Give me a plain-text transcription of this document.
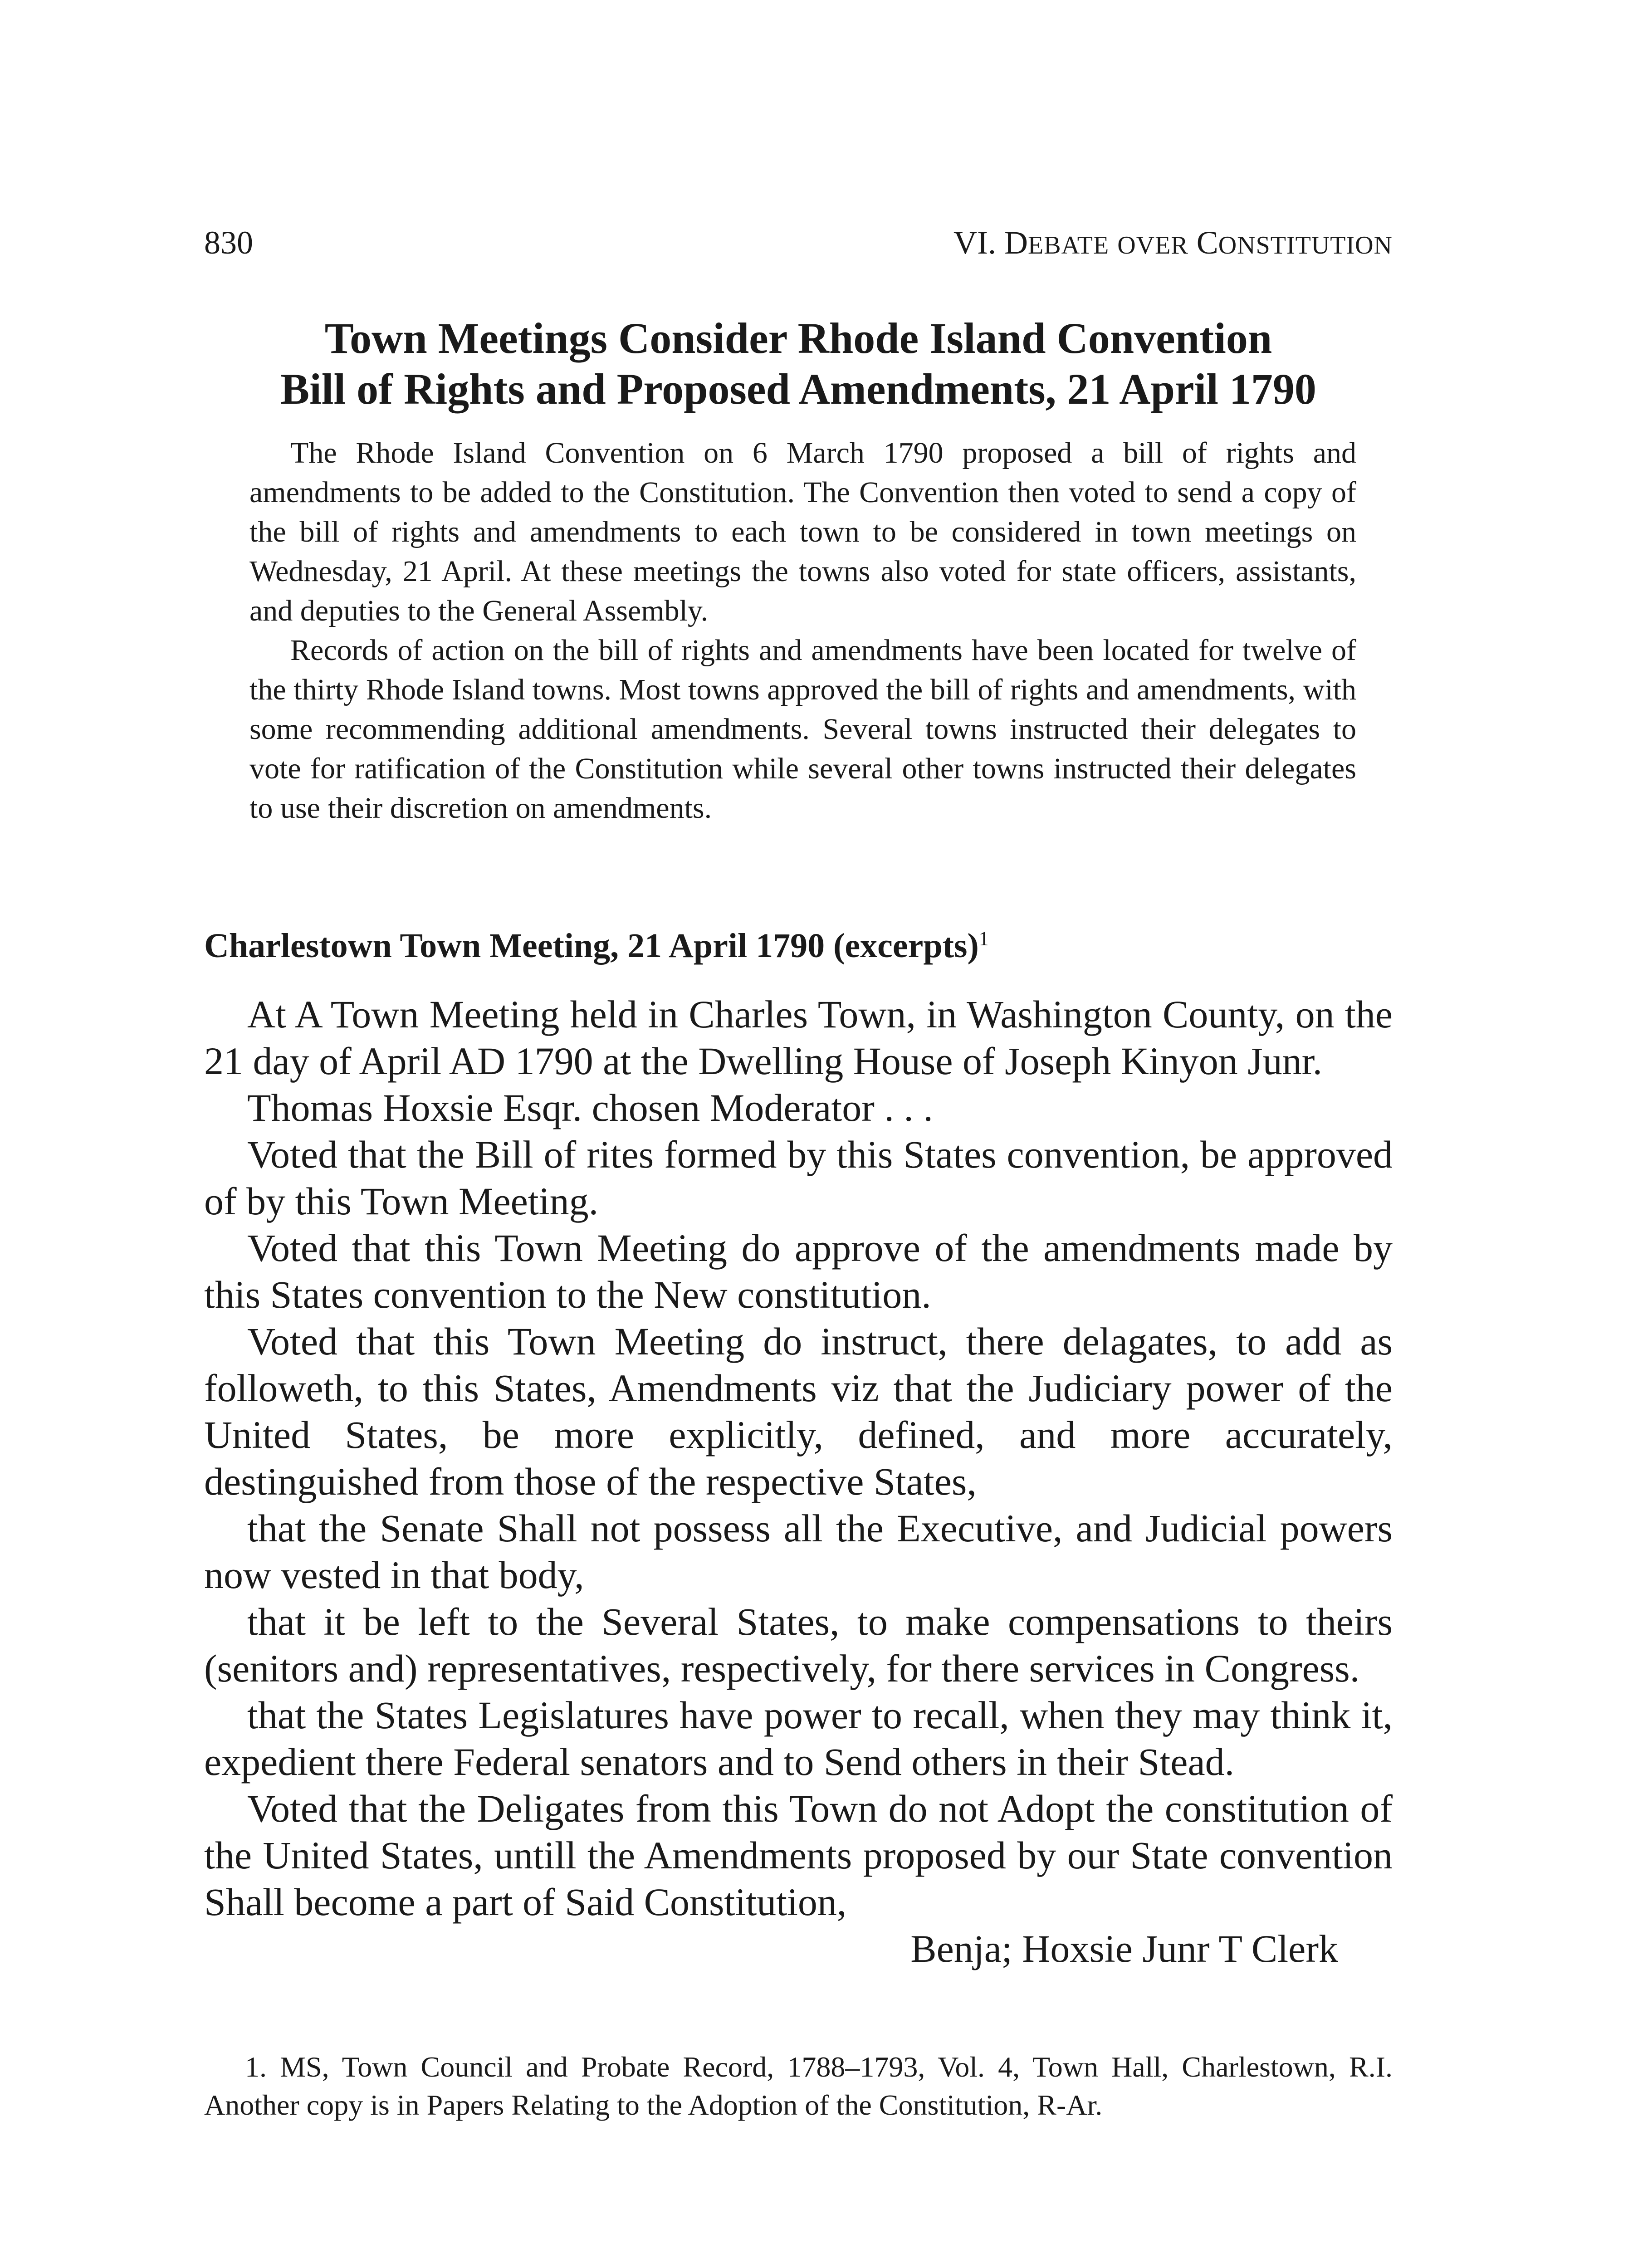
830	VI. DEBATE OVER CONSTITUTION
Town Meetings Consider Rhode Island Convention
Bill of Rights and Proposed Amendments, 21 April 1790

The Rhode Island Convention on 6 March 1790 proposed a bill of rights and amendments to be added to the Constitution. The Convention then voted to send a copy of the bill of rights and amendments to each town to be considered in town meetings on Wednesday, 21 April. At these meetings the towns also voted for state officers, assistants, and deputies to the General Assembly.

Records of action on the bill of rights and amendments have been located for twelve of the thirty Rhode Island towns. Most towns approved the bill of rights and amendments, with some recommending additional amendments. Several towns instructed their delegates to vote for ratification of the Constitution while several other towns instructed their delegates to use their discretion on amendments.

Charlestown Town Meeting, 21 April 1790 (excerpts)$^1$

At A Town Meeting held in Charles Town, in Washington County, on the 21 day of April AD 1790 at the Dwelling House of Joseph Kinyon Junr.

Thomas Hoxsie Esqr. chosen Moderator . . .

Voted that the Bill of rites formed by this States convention, be approved of by this Town Meeting.

Voted that this Town Meeting do approve of the amendments made by this States convention to the New constitution.

Voted that this Town Meeting do instruct, there delagates, to add as followeth, to this States, Amendments viz that the Judiciary power of the United States, be more explicitly, defined, and more accurately, destinguished from those of the respective States,

that the Senate Shall not possess all the Executive, and Judicial powers now vested in that body,

that it be left to the Several States, to make compensations to theirs (senitors and) representatives, respectively, for there services in Congress.

that the States Legislatures have power to recall, when they may think it, expedient there Federal senators and to Send others in their Stead.

Voted that the Deligates from this Town do not Adopt the constitution of the United States, untill the Amendments proposed by our State convention Shall become a part of Said Constitution,

Benja; Hoxsie Junr T Clerk

1. MS, Town Council and Probate Record, 1788–1793, Vol. 4, Town Hall, Charlestown, R.I. Another copy is in Papers Relating to the Adoption of the Constitution, R-Ar.
